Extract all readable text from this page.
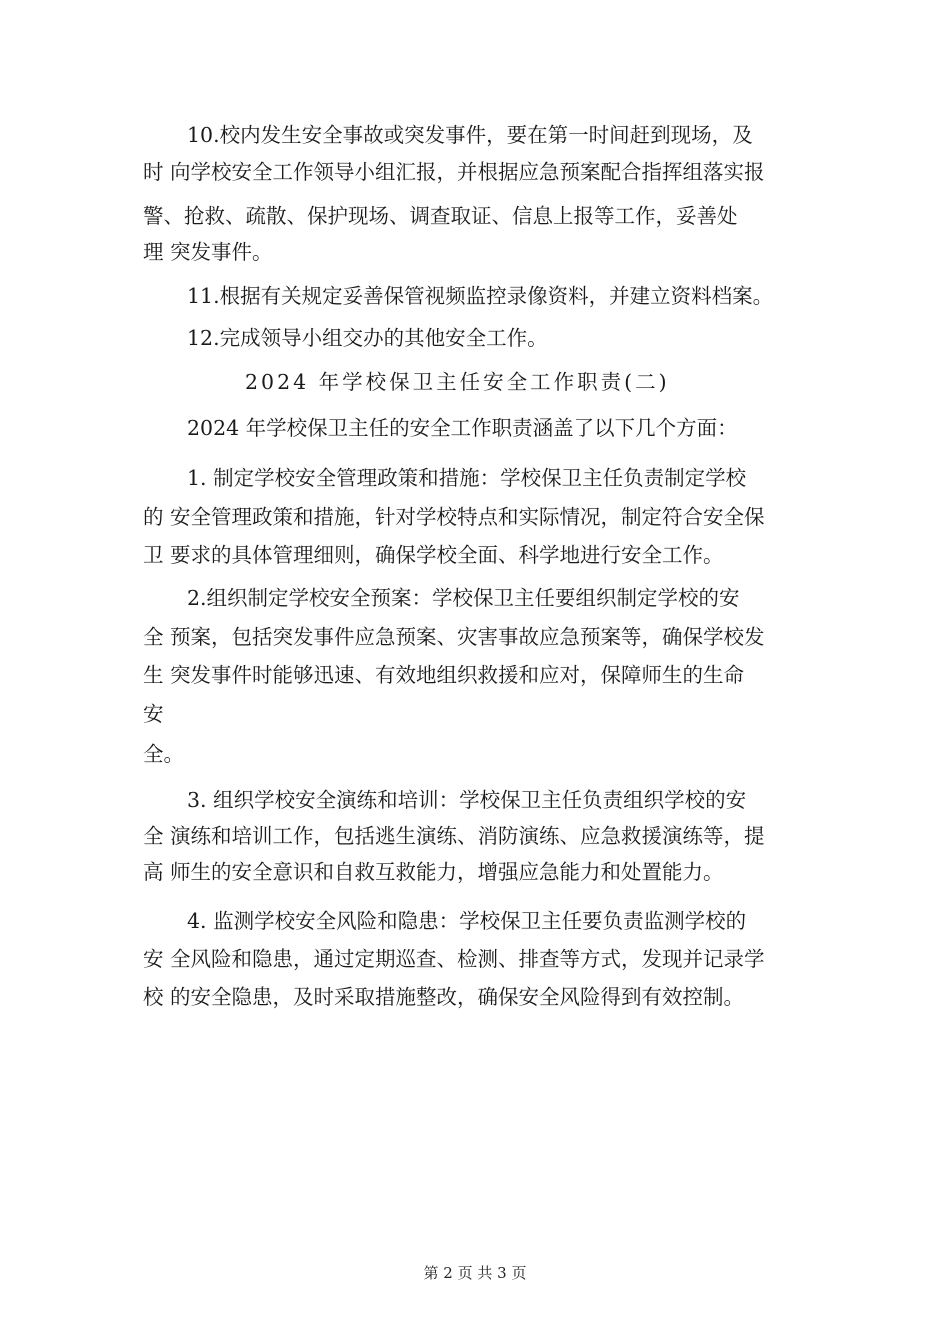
10.校内发生安全事故或突发事件，要在第一时间赶到现场，及
时 向学校安全工作领导小组汇报，并根据应急预案配合指挥组落实报
警、抢救、疏散、保护现场、调查取证、信息上报等工作，妥善处
理 突发事件。
11.根据有关规定妥善保管视频监控录像资料，并建立资料档案。
12.完成领导小组交办的其他安全工作。
2024 年学校保卫主任安全工作职责(二)
2024 年学校保卫主任的安全工作职责涵盖了以下几个方面：
1. 制定学校安全管理政策和措施：学校保卫主任负责制定学校
的 安全管理政策和措施，针对学校特点和实际情况，制定符合安全保
卫 要求的具体管理细则，确保学校全面、科学地进行安全工作。
2.组织制定学校安全预案：学校保卫主任要组织制定学校的安
全 预案，包括突发事件应急预案、灾害事故应急预案等，确保学校发
生 突发事件时能够迅速、有效地组织救援和应对，保障师生的生命
安
全。
3. 组织学校安全演练和培训：学校保卫主任负责组织学校的安
全 演练和培训工作，包括逃生演练、消防演练、应急救援演练等，提
高 师生的安全意识和自救互救能力，增强应急能力和处置能力。
4. 监测学校安全风险和隐患：学校保卫主任要负责监测学校的
安 全风险和隐患，通过定期巡查、检测、排查等方式，发现并记录学
校 的安全隐患，及时采取措施整改，确保安全风险得到有效控制。
第 2 页 共 3 页
